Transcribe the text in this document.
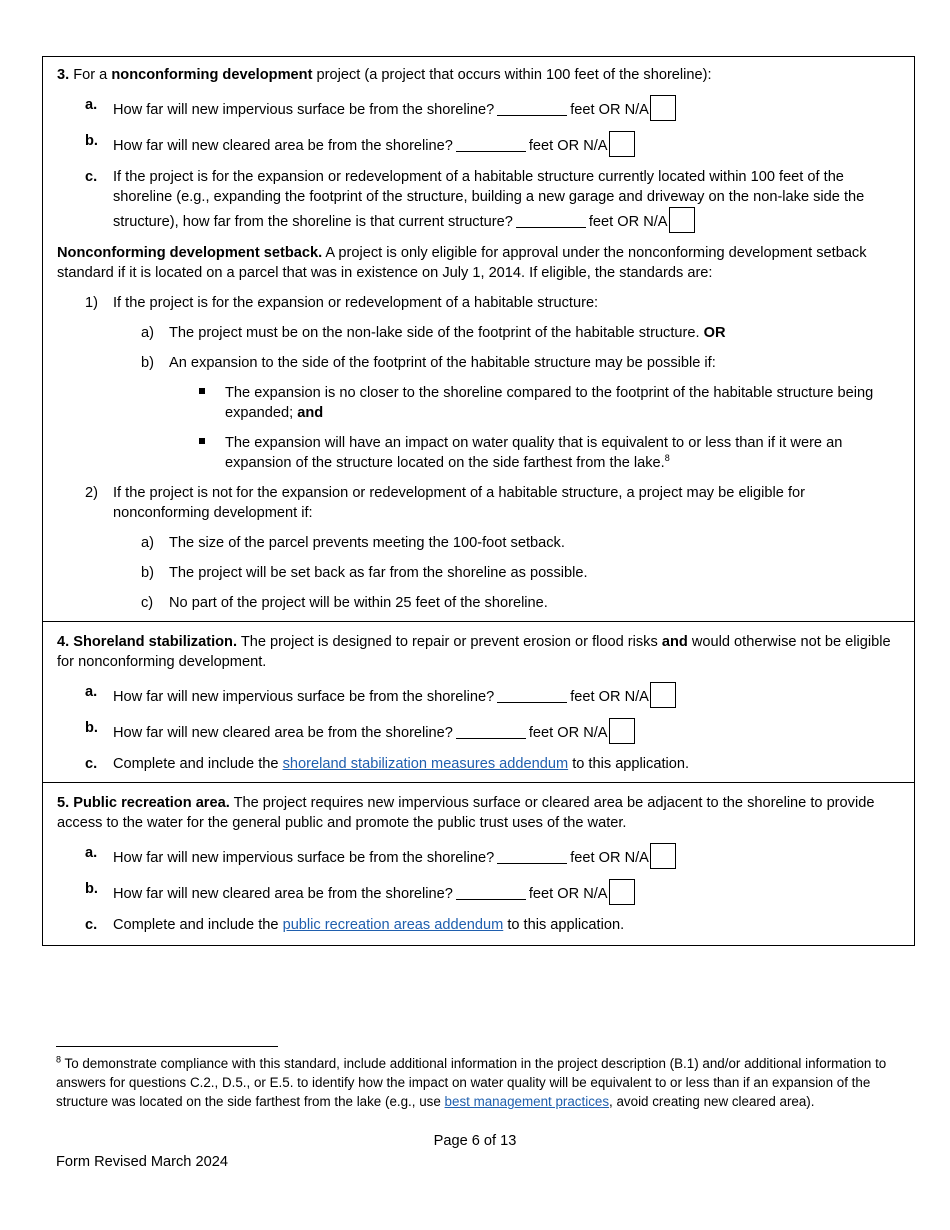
3. For a nonconforming development project (a project that occurs within 100 feet of the shoreline):

a. How far will new impervious surface be from the shoreline?	feet OR N/A

b. How far will new cleared area be from the shoreline?	feet OR N/A

c. If the project is for the expansion or redevelopment of a habitable structure currently located within 100 feet of the shoreline (e.g., expanding the footprint of the structure, building a new garage and driveway on the non-lake side the structure), how far from the shoreline is that current structure?	feet OR N/A

Nonconforming development setback. A project is only eligible for approval under the nonconforming development setback standard if it is located on a parcel that was in existence on July 1, 2014. If eligible, the standards are:

1) If the project is for the expansion or redevelopment of a habitable structure:

a) The project must be on the non-lake side of the footprint of the habitable structure. OR

b) An expansion to the side of the footprint of the habitable structure may be possible if:

The expansion is no closer to the shoreline compared to the footprint of the habitable structure being expanded; and

The expansion will have an impact on water quality that is equivalent to or less than if it were an expansion of the structure located on the side farthest from the lake.$^8$

2) If the project is not for the expansion or redevelopment of a habitable structure, a project may be eligible for nonconforming development if:

a) The size of the parcel prevents meeting the 100-foot setback.

b) The project will be set back as far from the shoreline as possible.

c) No part of the project will be within 25 feet of the shoreline.

4. Shoreland stabilization. The project is designed to repair or prevent erosion or flood risks and would otherwise not be eligible for nonconforming development.

a. How far will new impervious surface be from the shoreline?	feet OR N/A

b. How far will new cleared area be from the shoreline?	feet OR N/A

c. Complete and include the shoreland stabilization measures addendum to this application.

5. Public recreation area. The project requires new impervious surface or cleared area be adjacent to the shoreline to provide access to the water for the general public and promote the public trust uses of the water.

a. How far will new impervious surface be from the shoreline?	feet OR N/A

b. How far will new cleared area be from the shoreline?	feet OR N/A

c. Complete and include the public recreation areas addendum to this application.

$^8$ To demonstrate compliance with this standard, include additional information in the project description (B.1) and/or additional information to answers for questions C.2., D.5., or E.5. to identify how the impact on water quality will be equivalent to or less than if an expansion of the structure was located on the side farthest from the lake (e.g., use best management practices, avoid creating new cleared area).
Page 6 of 13
Form Revised March 2024
